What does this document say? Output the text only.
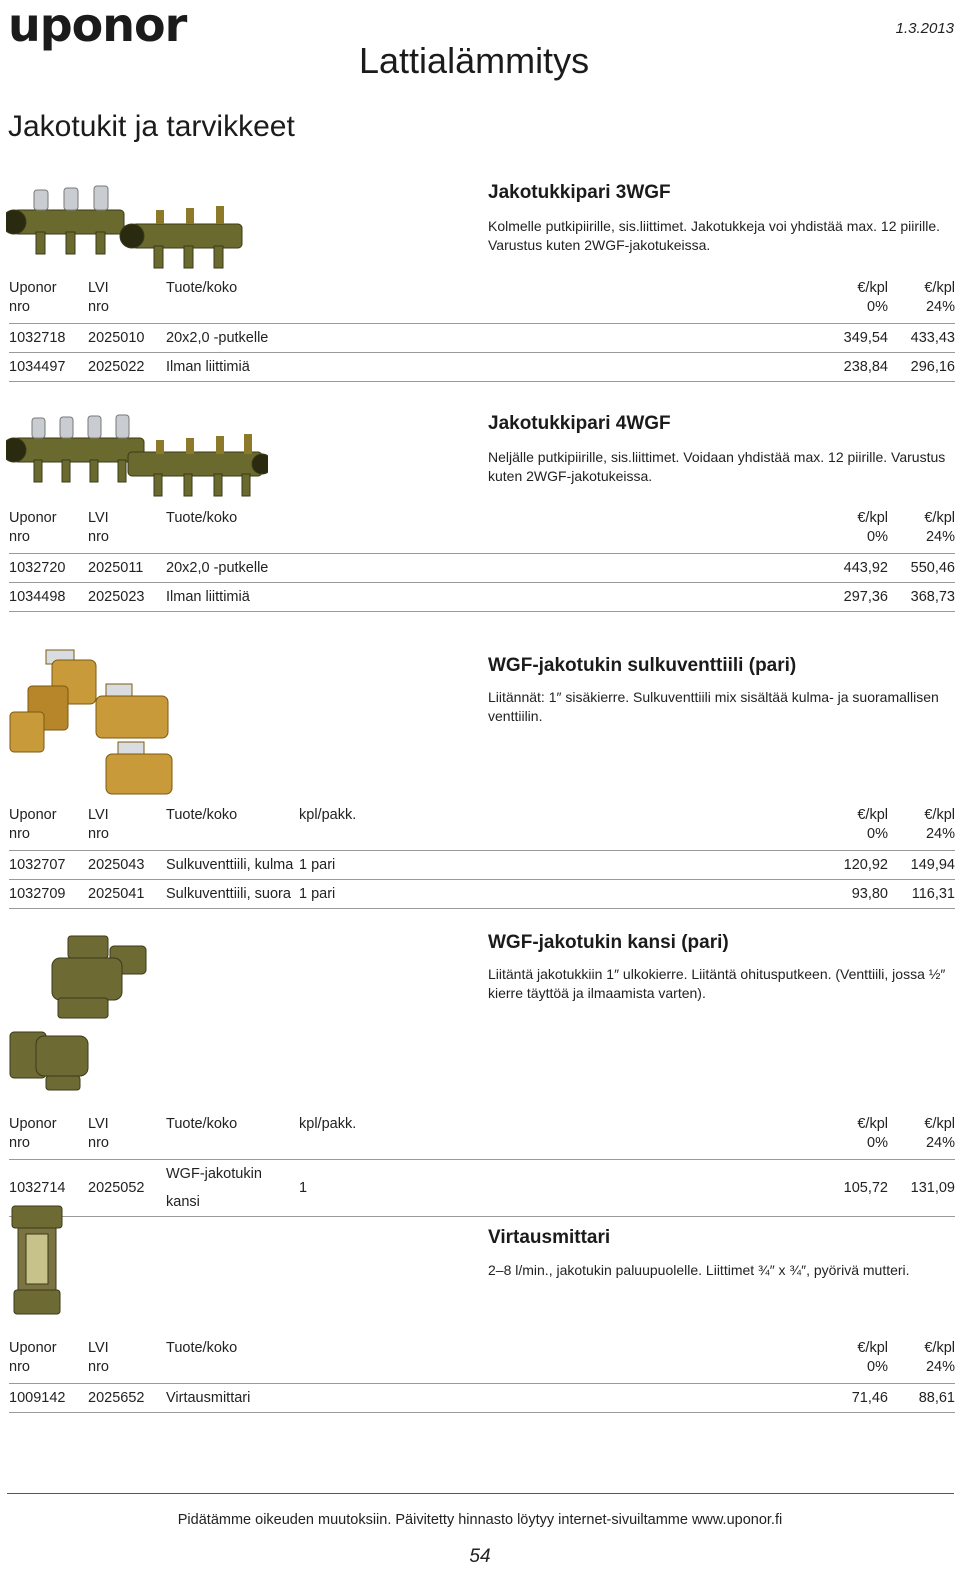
uponor	1.3.2013
Lattialämmitys
Jakotukit ja tarvikkeet
Jakotukkipari 3WGF
Kolmelle putkipiirille, sis.liittimet. Jakotukkeja voi yhdistää max. 12 piirille. Varustus kuten 2WGF-jakotukeissa.
Uponor	LVI	Tuote/koko		€/kpl	€/kpl
nro	nro			0%	24%
1032718	2025010	20x2,0 -putkelle		349,54	433,43
1034497	2025022	Ilman liittimiä		238,84	296,16
Jakotukkipari 4WGF
Neljälle putkipiirille, sis.liittimet. Voidaan yhdistää max. 12 piirille. Varustus kuten 2WGF-jakotukeissa.
Uponor	LVI	Tuote/koko		€/kpl	€/kpl
nro	nro			0%	24%
1032720	2025011	20x2,0 -putkelle		443,92	550,46
1034498	2025023	Ilman liittimiä		297,36	368,73
WGF-jakotukin sulkuventtiili (pari)
Liitännät: 1″ sisäkierre. Sulkuventtiili mix sisältää kulma- ja suoramallisen venttiilin.
Uponor	LVI	Tuote/koko	kpl/pakk.	€/kpl	€/kpl
nro	nro			0%	24%
1032707	2025043	Sulkuventtiili, kulma	1 pari	120,92	149,94
1032709	2025041	Sulkuventtiili, suora	1 pari	93,80	116,31
WGF-jakotukin kansi (pari)
Liitäntä jakotukkiin 1″ ulkokierre. Liitäntä ohitusputkeen. (Venttiili, jossa ½″ kierre täyttöä ja ilmaamista varten).
Uponor	LVI	Tuote/koko	kpl/pakk.	€/kpl	€/kpl
nro	nro			0%	24%
1032714	2025052	WGF-jakotukin kansi	1	105,72	131,09
Virtausmittari
2–8 l/min., jakotukin paluupuolelle. Liittimet ¾″ x ¾″, pyörivä mutteri.
Uponor	LVI	Tuote/koko		€/kpl	€/kpl
nro	nro			0%	24%
1009142	2025652	Virtausmittari		71,46	88,61
Pidätämme oikeuden muutoksiin. Päivitetty hinnasto löytyy internet-sivuiltamme www.uponor.fi
54
